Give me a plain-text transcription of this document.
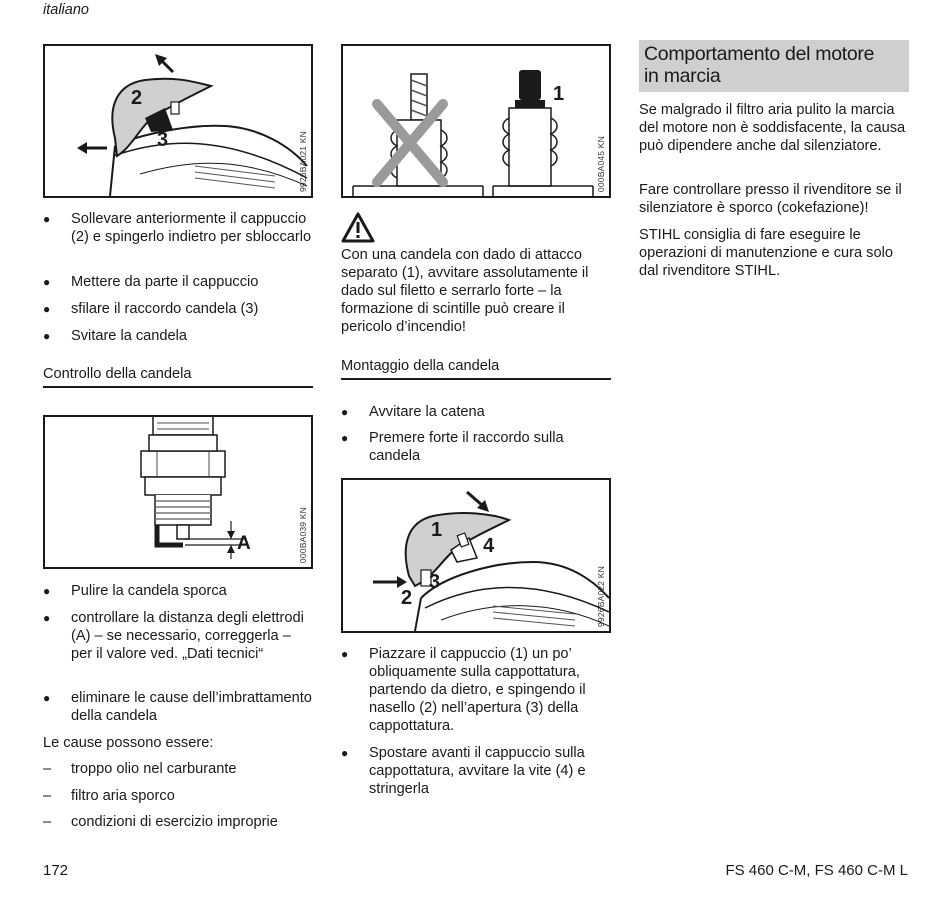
italiano
2
3	9926BA021 KN
● Sollevare anteriormente il cappuccio (2) e spingerlo indietro per sbloccarlo
● Mettere da parte il cappuccio
● sfilare il raccordo candela (3)
● Svitare la candela
Controllo della candela
A	000BA039 KN
● Pulire la candela sporca
● controllare la distanza degli elettrodi (A) – se necessario, correggerla – per il valore ved. „Dati tecnici“
● eliminare le cause dell’imbrattamento della candela
Le cause possono essere:
– troppo olio nel carburante
– filtro aria sporco
– condizioni di esercizio improprie
1
000BA045 KN
Con una candela con dado di attacco separato (1), avvitare assolutamente il dado sul filetto e serrarlo forte – la formazione di scintille può creare il pericolo d’incendio!
Montaggio della candela
● Avvitare la catena
● Premere forte il raccordo sulla candela
1
4
3
2	9926BA022 KN
● Piazzare il cappuccio (1) un po’ obliquamente sulla cappottatura, partendo da dietro, e spingendo il nasello (2) nell’apertura (3) della cappottatura.
● Spostare avanti il cappuccio sulla cappottatura, avvitare la vite (4) e stringerla
Comportamento del motore
in marcia
Se malgrado il filtro aria pulito la marcia del motore non è soddisfacente, la causa può dipendere anche dal silenziatore.
Fare controllare presso il rivenditore se il silenziatore è sporco (cokefazione)!
STIHL consiglia di fare eseguire le operazioni di manutenzione e cura solo dal rivenditore STIHL.
172	FS 460 C-M, FS 460 C-M L
